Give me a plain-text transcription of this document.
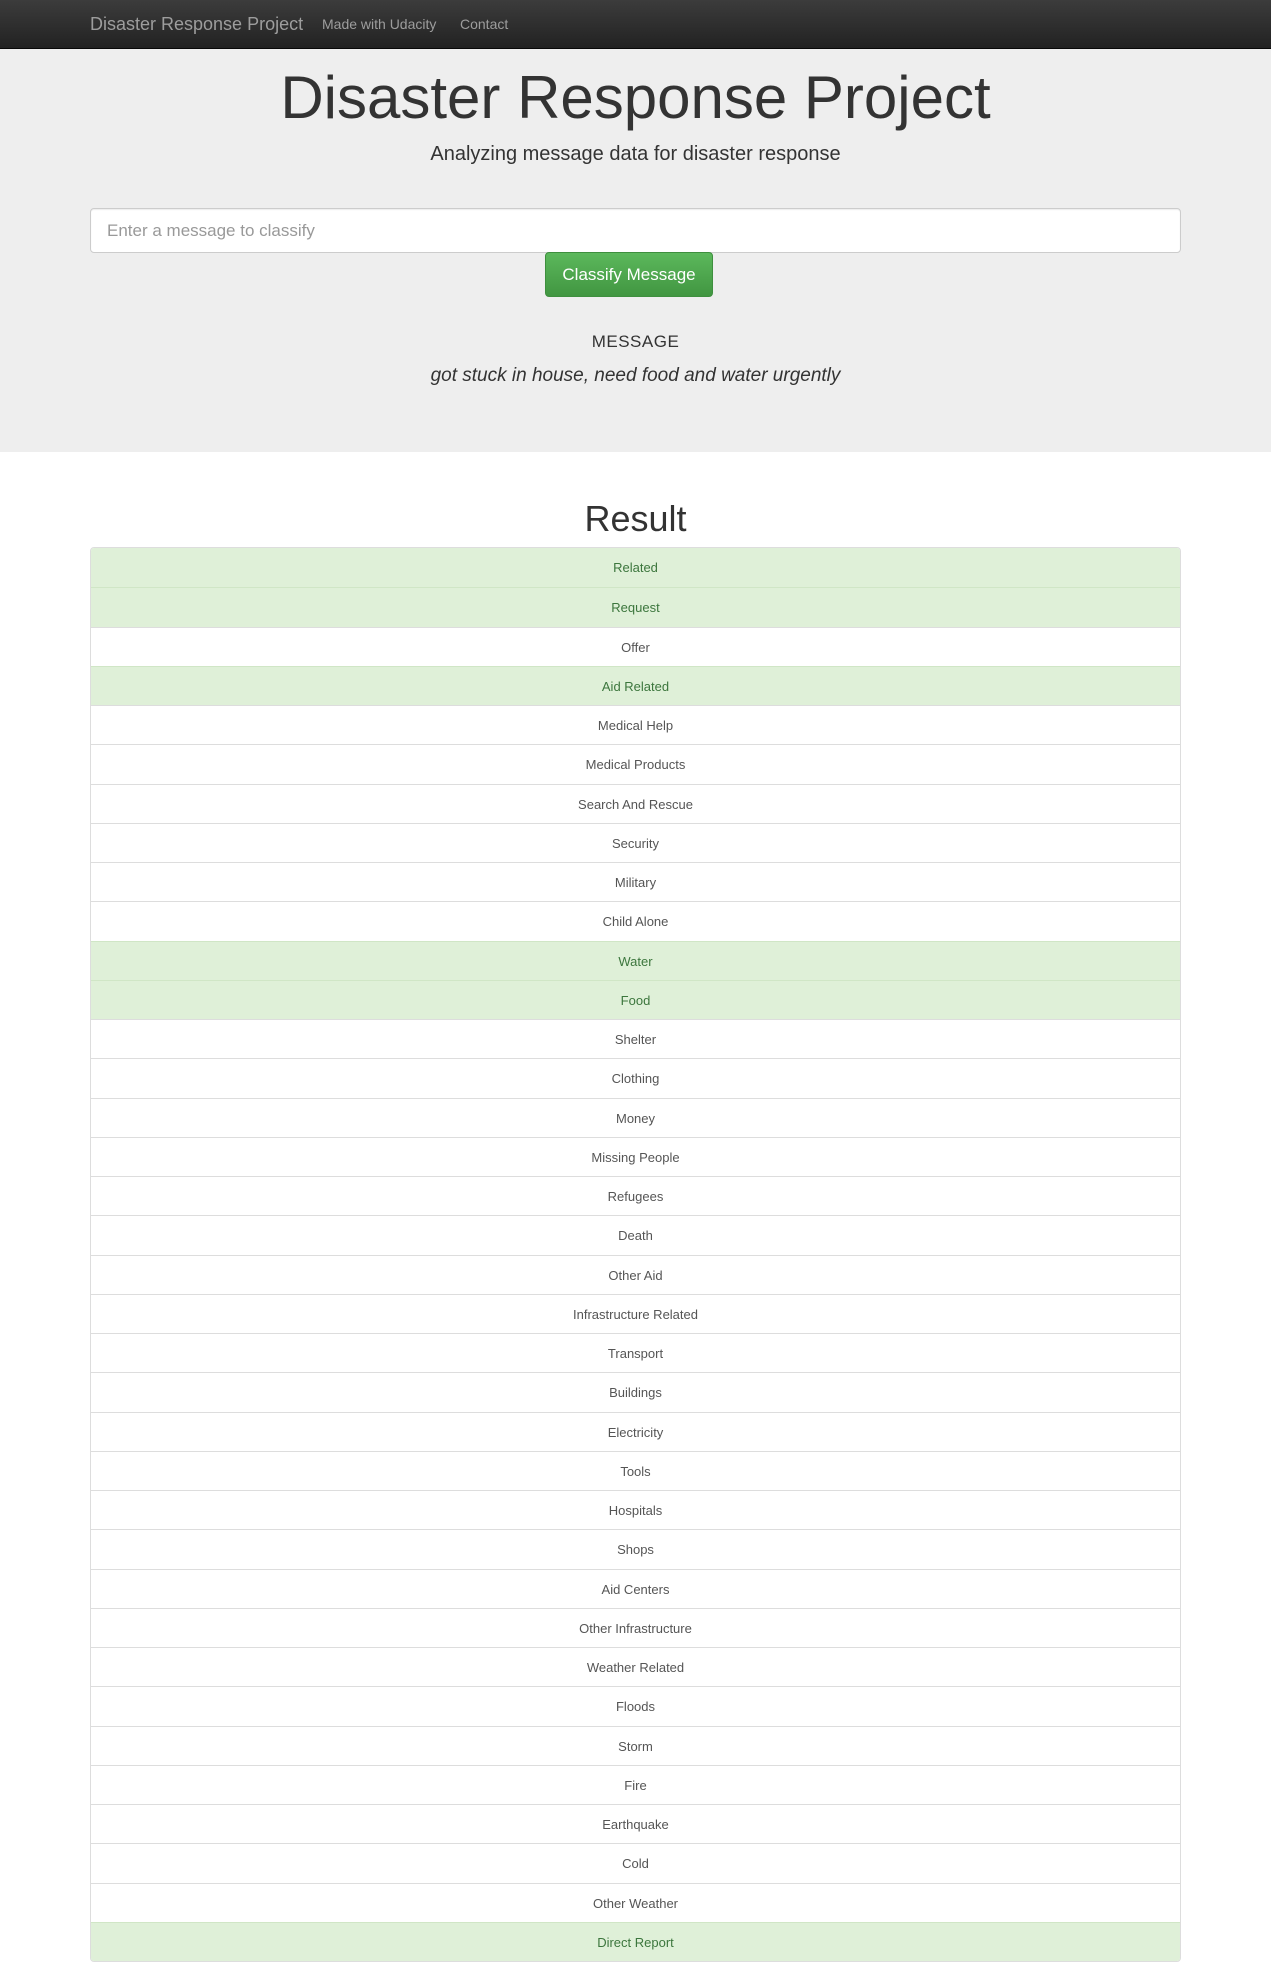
Disaster Response Project Made with Udacity Contact
Disaster Response Project

Analyzing message data for disaster response

Enter a message to classify
Classify Message
MESSAGE
got stuck in house, need food and water urgently
Result
Related
Request
Offer
Aid Related
Medical Help
Medical Products
Search And Rescue
Security
Military
Child Alone
Water
Food
Shelter
Clothing
Money
Missing People
Refugees
Death
Other Aid
Infrastructure Related
Transport
Buildings
Electricity
Tools
Hospitals
Shops
Aid Centers
Other Infrastructure
Weather Related
Floods
Storm
Fire
Earthquake
Cold
Other Weather
Direct Report
